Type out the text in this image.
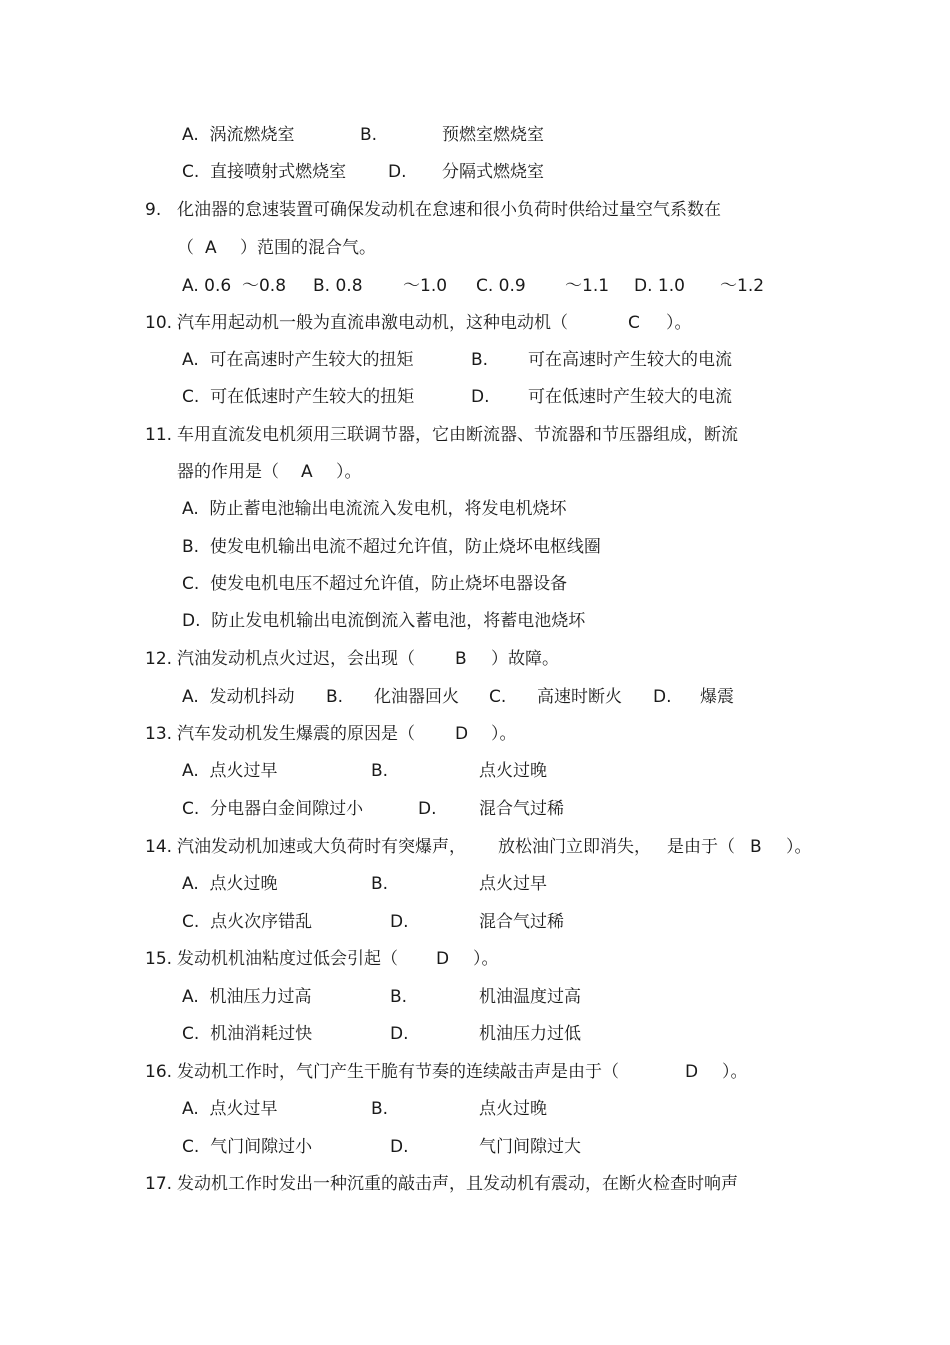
A.  涡流燃烧室	B.	预燃室燃烧室
C.  直接喷射式燃烧室 D. 分隔式燃烧室
9. 化油器的怠速装置可确保发动机在怠速和很小负荷时供给过量空气系数在
（ A ）范围的混合气。
A. 0.6  ～0.8 B. 0.8 ～1.0 C. 0.9 ～1.1 D. 1.0 ～1.2
10. 汽车用起动机一般为直流串激电动机，这种电动机（	C ）。
A.  可在高速时产生较大的扭矩	B. 可在高速时产生较大的电流
C.  可在低速时产生较大的扭矩	D. 可在低速时产生较大的电流
11. 车用直流发电机须用三联调节器，它由断流器、节流器和节压器组成，断流
器的作用是（ A ）。
A.  防止蓄电池输出电流流入发电机，将发电机烧坏
B.  使发电机输出电流不超过允许值，防止烧坏电枢线圈
C.  使发电机电压不超过允许值，防止烧坏电器设备
D.  防止发电机输出电流倒流入蓄电池，将蓄电池烧坏
12. 汽油发动机点火过迟，会出现（ B ）故障。
A.  发动机抖动 B. 化油器回火 C. 高速时断火 D. 爆震
13. 汽车发动机发生爆震的原因是（ D ）。
A.  点火过早	B.	点火过晚
C.  分电器白金间隙过小	D.	混合气过稀
14. 汽油发动机加速或大负荷时有突爆声， 放松油门立即消失， 是由于（ B ）。
A.  点火过晚	B.	点火过早
C.  点火次序错乱	D.	混合气过稀
15. 发动机机油粘度过低会引起（ D ）。
A.  机油压力过高	B.	机油温度过高
C.  机油消耗过快	D.	机油压力过低
16. 发动机工作时，气门产生干脆有节奏的连续敲击声是由于（	D ）。
A.  点火过早	B.	点火过晚
C.  气门间隙过小	D.	气门间隙过大
17. 发动机工作时发出一种沉重的敲击声，且发动机有震动，在断火检查时响声
